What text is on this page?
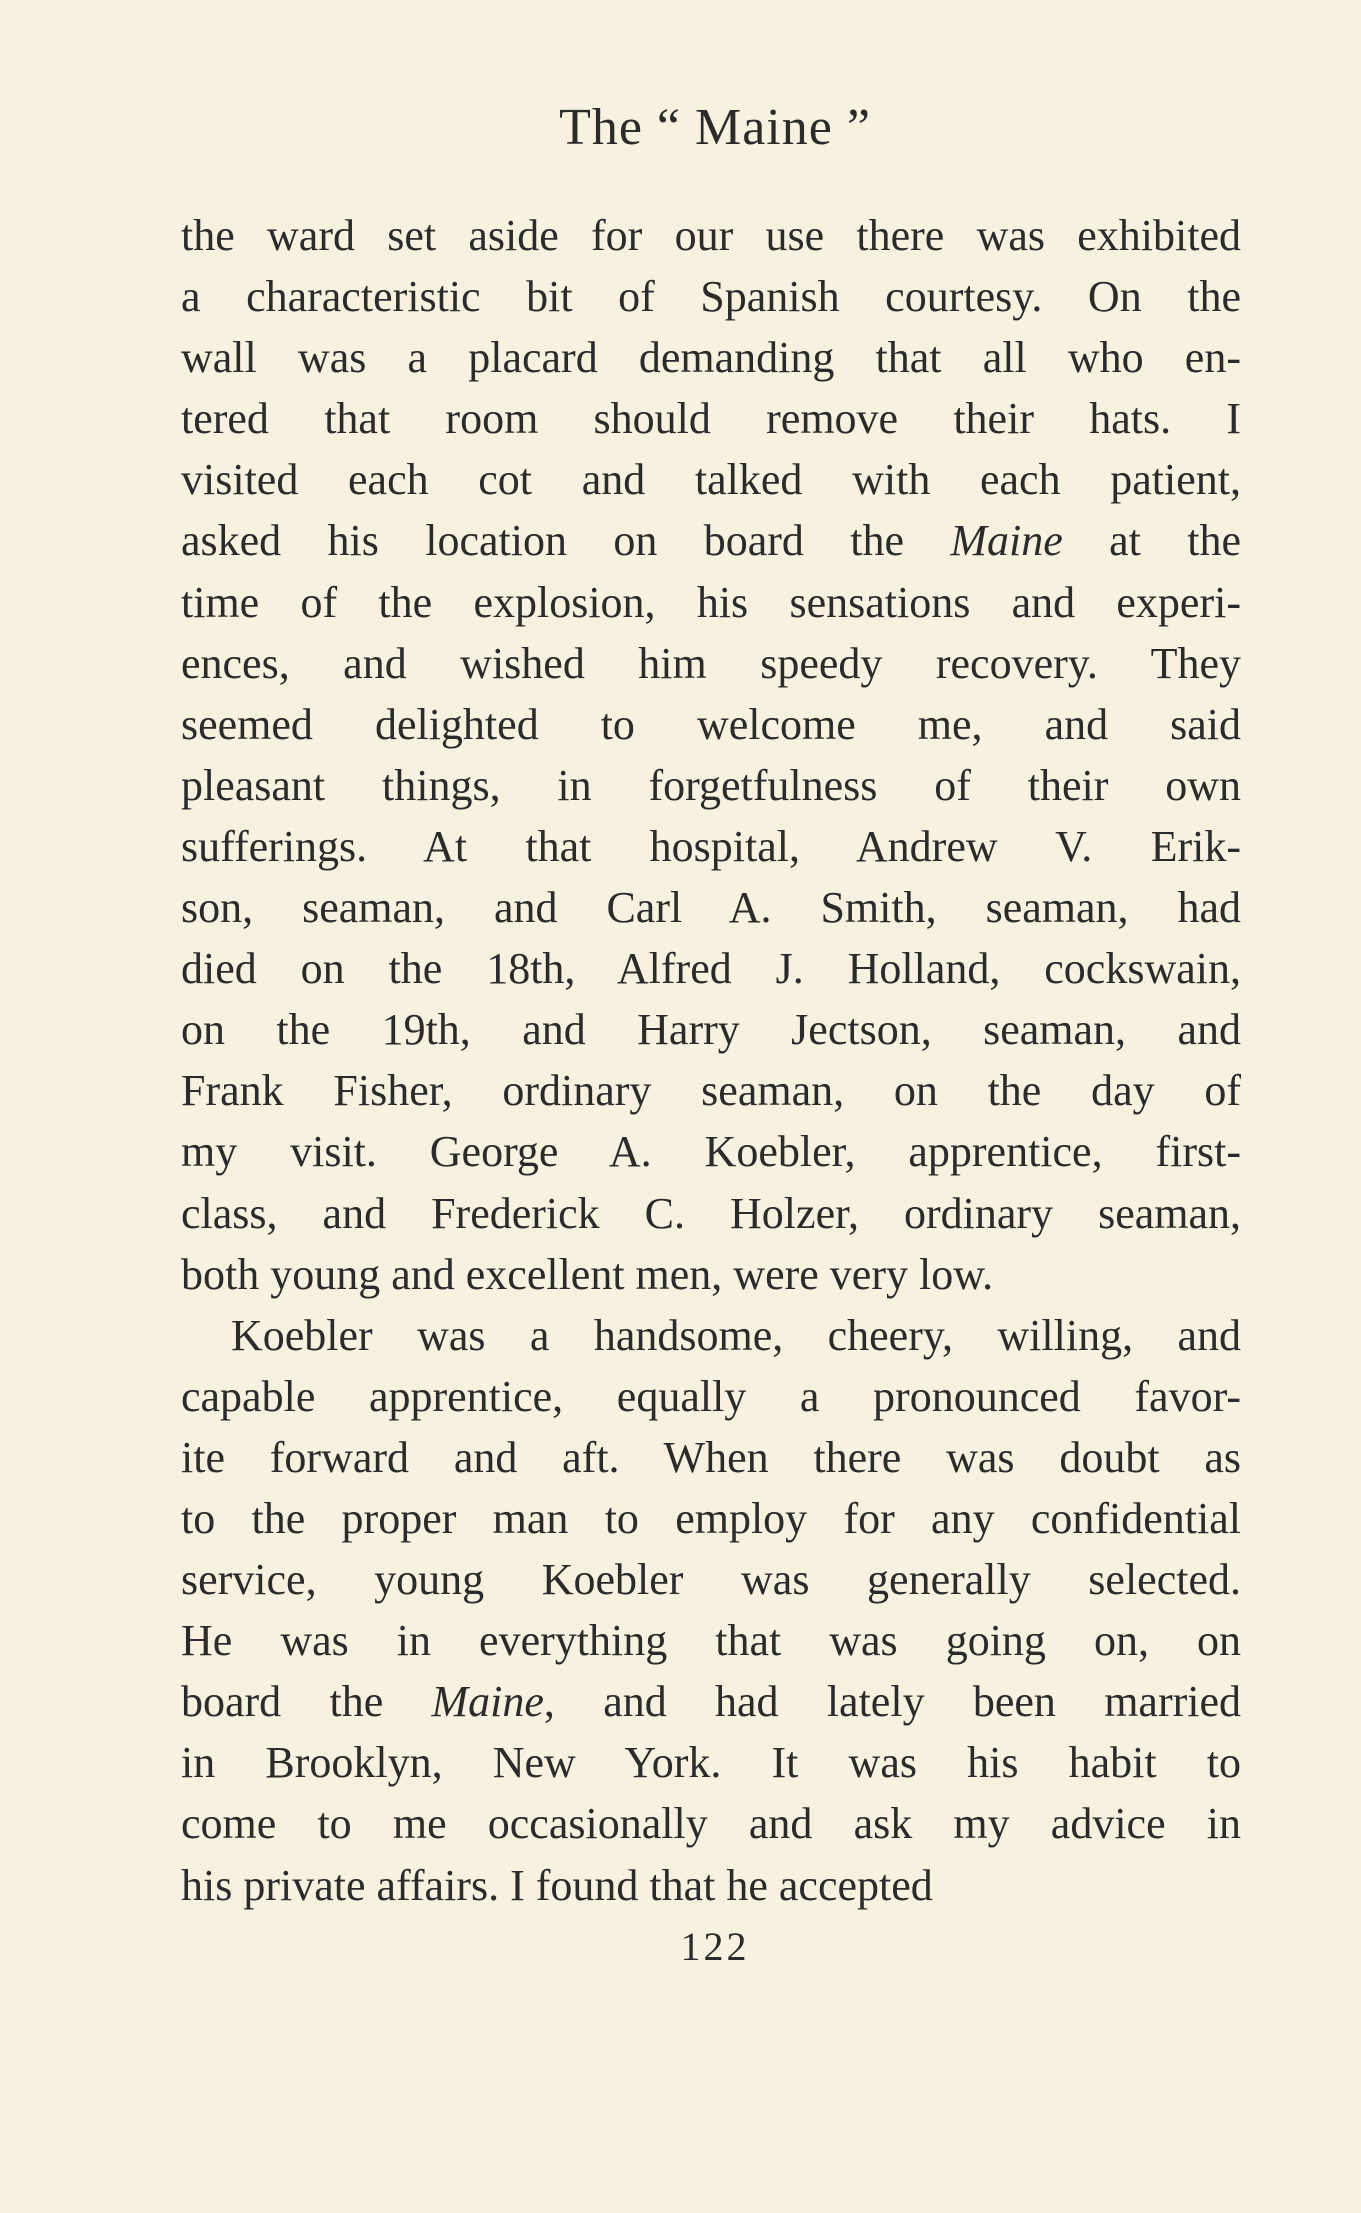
The “ Maine ”
the ward set aside for our use there was exhibited
a characteristic bit of Spanish courtesy. On the
wall was a placard demanding that all who en-
tered that room should remove their hats. I
visited each cot and talked with each patient,
asked his location on board the Maine at the
time of the explosion, his sensations and experi-
ences, and wished him speedy recovery. They
seemed delighted to welcome me, and said
pleasant things, in forgetfulness of their own
sufferings. At that hospital, Andrew V. Erik-
son, seaman, and Carl A. Smith, seaman, had
died on the 18th, Alfred J. Holland, cockswain,
on the 19th, and Harry Jectson, seaman, and
Frank Fisher, ordinary seaman, on the day of
my visit. George A. Koebler, apprentice, first-
class, and Frederick C. Holzer, ordinary seaman,
both young and excellent men, were very low.
Koebler was a handsome, cheery, willing, and
capable apprentice, equally a pronounced favor-
ite forward and aft. When there was doubt as
to the proper man to employ for any confidential
service, young Koebler was generally selected.
He was in everything that was going on, on
board the Maine, and had lately been married
in Brooklyn, New York. It was his habit to
come to me occasionally and ask my advice in
his private affairs. I found that he accepted
122
